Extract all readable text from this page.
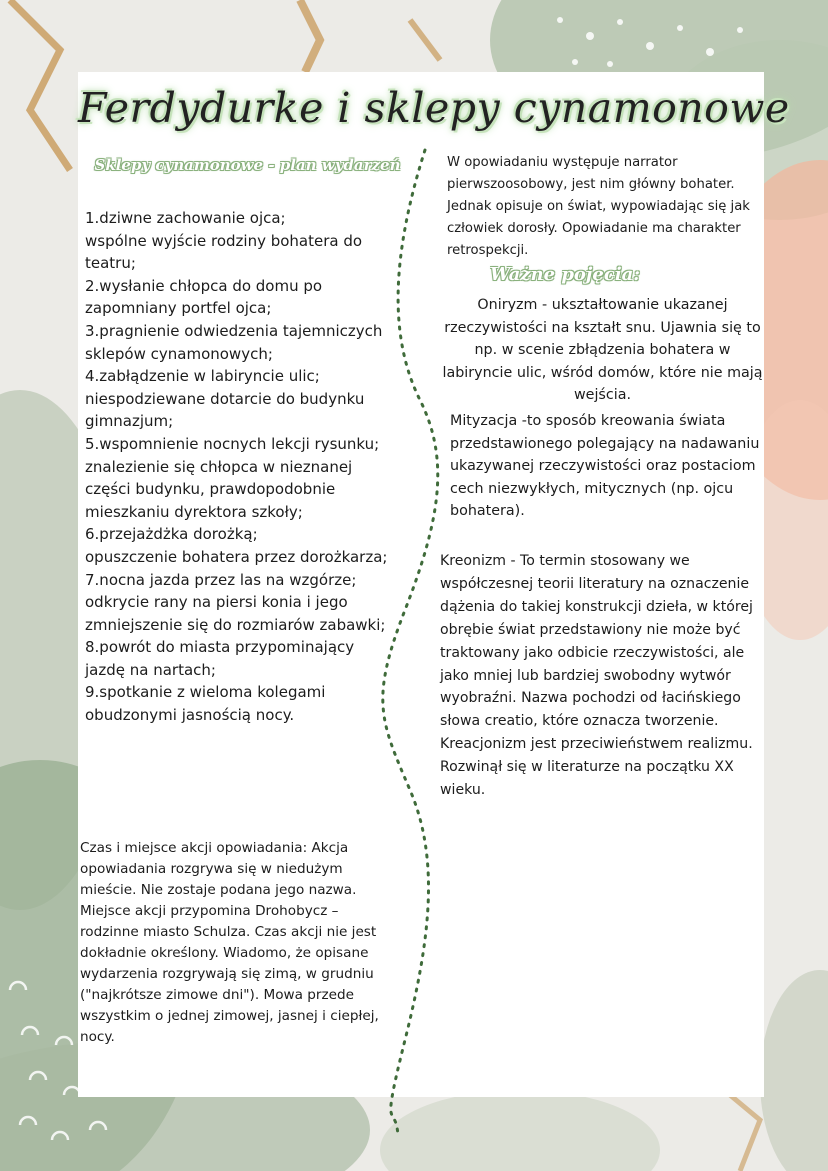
Ferdydurke i sklepy cynamonowe
Sklepy cynamonowe - plan wydarzeń
1.dziwne zachowanie ojca;
wspólne wyjście rodziny bohatera do teatru;
2.wysłanie chłopca do domu po zapomniany portfel ojca;
3.pragnienie odwiedzenia tajemniczych sklepów cynamonowych;
4.zabłądzenie w labiryncie ulic; niespodziewane dotarcie do budynku gimnazjum;
5.wspomnienie nocnych lekcji rysunku;
znalezienie się chłopca w nieznanej części budynku, prawdopodobnie mieszkaniu dyrektora szkoły;
6.przejażdżka dorożką;
opuszczenie bohatera przez dorożkarza;
7.nocna jazda przez las na wzgórze; odkrycie rany na piersi konia i jego zmniejszenie się do rozmiarów zabawki;
8.powrót do miasta przypominający jazdę na nartach;
9.spotkanie z wieloma kolegami obudzonymi jasnością nocy.
Czas i miejsce akcji opowiadania: Akcja opowiadania rozgrywa się w niedużym mieście. Nie zostaje podana jego nazwa. Miejsce akcji przypomina Drohobycz – rodzinne miasto Schulza. Czas akcji nie jest dokładnie określony. Wiadomo, że opisane wydarzenia rozgrywają się zimą, w grudniu ("najkrótsze zimowe dni"). Mowa przede wszystkim o jednej zimowej, jasnej i ciepłej, nocy.
W opowiadaniu występuje narrator pierwszoosobowy, jest nim główny bohater. Jednak opisuje on świat, wypowiadając się jak człowiek dorosły. Opowiadanie ma charakter retrospekcji.
Ważne pojęcia:
Oniryzm - ukształtowanie ukazanej rzeczywistości na kształt snu. Ujawnia się to np. w scenie zbłądzenia bohatera w labiryncie ulic, wśród domów, które nie mają wejścia.
Mityzacja -to sposób kreowania świata przedstawionego polegający na nadawaniu ukazywanej rzeczywistości oraz postaciom cech niezwykłych, mitycznych (np. ojcu bohatera).
Kreonizm - To termin stosowany we współczesnej teorii literatury na oznaczenie dążenia do takiej konstrukcji dzieła, w której obrębie świat przedstawiony nie może być traktowany jako odbicie rzeczywistości, ale jako mniej lub bardziej swobodny wytwór wyobraźni. Nazwa pochodzi od łacińskiego słowa creatio, które oznacza tworzenie. Kreacjonizm jest przeciwieństwem realizmu. Rozwinął się w literaturze na początku XX wieku.
